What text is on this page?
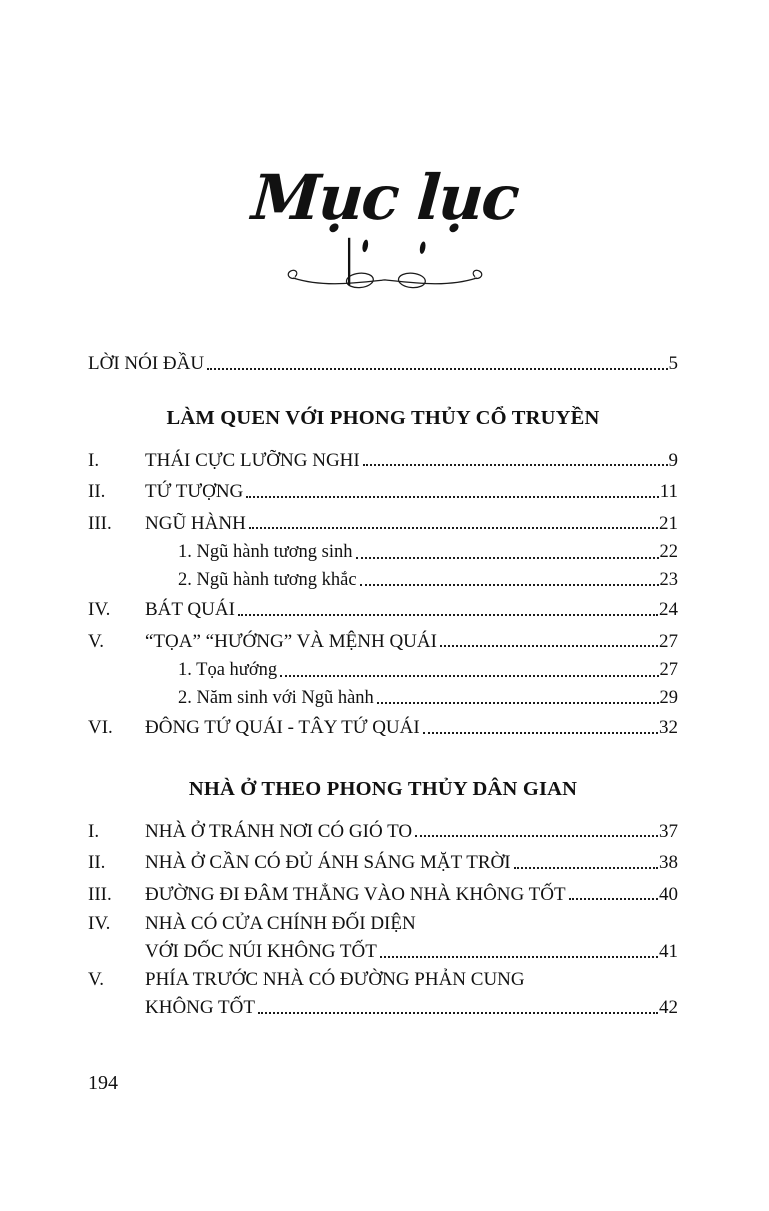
Mục lục
LỜI NÓI ĐẦU	5
LÀM QUEN VỚI PHONG THỦY CỔ TRUYỀN
I.	THÁI CỰC LƯỠNG NGHI	9
II.	TỨ TƯỢNG	11
III.	NGŨ HÀNH	21
1. Ngũ hành tương sinh	22
2. Ngũ hành tương khắc	23
IV.	BÁT QUÁI	24
V.	“TỌA” “HƯỚNG” VÀ MỆNH QUÁI	27
1. Tọa hướng	27
2. Năm sinh với Ngũ hành	29
VI.	ĐÔNG TỨ QUÁI - TÂY TỨ QUÁI	32
NHÀ Ở THEO PHONG THỦY DÂN GIAN
I.	NHÀ Ở TRÁNH NƠI CÓ GIÓ TO	37
II.	NHÀ Ở CẦN CÓ ĐỦ ÁNH SÁNG MẶT TRỜI	38
III.	ĐƯỜNG ĐI ĐÂM THẲNG VÀO NHÀ KHÔNG TỐT	40
IV.	NHÀ CÓ CỬA CHÍNH ĐỐI DIỆN
VỚI DỐC NÚI KHÔNG TỐT	41
V.	PHÍA TRƯỚC NHÀ CÓ ĐƯỜNG PHẢN CUNG
KHÔNG TỐT	42
194
